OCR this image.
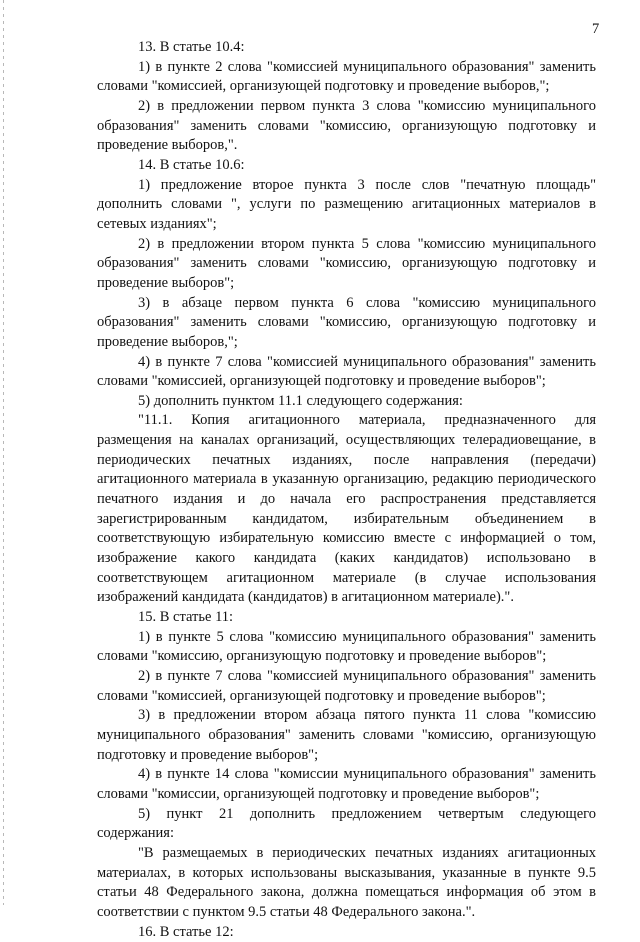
7

13. В статье 10.4:

1) в пункте 2 слова "комиссией муниципального образования" заменить словами "комиссией, организующей подготовку и проведение выборов,";

2) в предложении первом пункта 3 слова "комиссию муниципального образования" заменить словами "комиссию, организующую подготовку и проведение выборов,".

14. В статье 10.6:

1) предложение второе пункта 3 после слов "печатную площадь" дополнить словами ", услуги по размещению агитационных материалов в сетевых изданиях";

2) в предложении втором пункта 5 слова "комиссию муниципального образования" заменить словами "комиссию, организующую подготовку и проведение выборов";

3) в абзаце первом пункта 6 слова "комиссию муниципального образования" заменить словами "комиссию, организующую подготовку и проведение выборов,";

4) в пункте 7 слова "комиссией муниципального образования" заменить словами "комиссией, организующей подготовку и проведение выборов";

5) дополнить пунктом 11.1 следующего содержания:

"11.1. Копия агитационного материала, предназначенного для размещения на каналах организаций, осуществляющих телерадиовещание, в периодических печатных изданиях, после направления (передачи) агитационного материала в указанную организацию, редакцию периодического печатного издания и до начала его распространения представляется зарегистрированным кандидатом, избирательным объединением в соответствующую избирательную комиссию вместе с информацией о том, изображение какого кандидата (каких кандидатов) использовано в соответствующем агитационном материале (в случае использования изображений кандидата (кандидатов) в агитационном материале).".

15. В статье 11:

1) в пункте 5 слова "комиссию муниципального образования" заменить словами "комиссию, организующую подготовку и проведение выборов";

2) в пункте 7 слова "комиссией муниципального образования" заменить словами "комиссией, организующей подготовку и проведение выборов";

3) в предложении втором абзаца пятого пункта 11 слова "комиссию муниципального образования" заменить словами "комиссию, организующую подготовку и проведение выборов";

4) в пункте 14 слова "комиссии муниципального образования" заменить словами "комиссии, организующей подготовку и проведение выборов";

5) пункт 21 дополнить предложением четвертым следующего содержания:

"В размещаемых в периодических печатных изданиях агитационных материалах, в которых использованы высказывания, указанные в пункте 9.5 статьи 48 Федерального закона, должна помещаться информация об этом в соответствии с пунктом 9.5 статьи 48 Федерального закона.".

16. В статье 12:
